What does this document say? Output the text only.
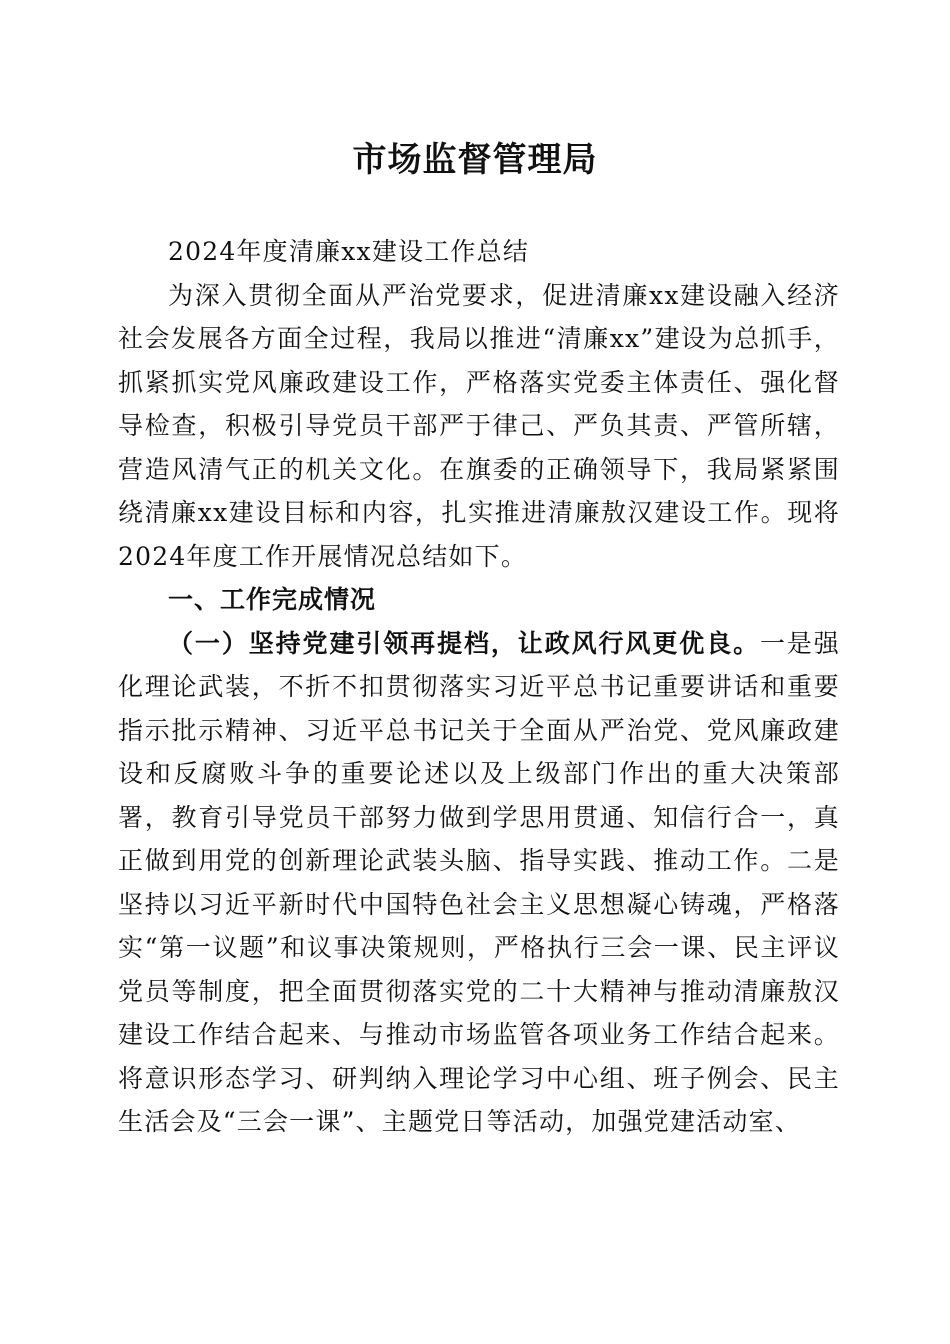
市场监督管理局

2024年度清廉xx建设工作总结

为深入贯彻全面从严治党要求，促进清廉xx建设融入经济社会发展各方面全过程，我局以推进“清廉xx”建设为总抓手，抓紧抓实党风廉政建设工作，严格落实党委主体责任、强化督导检查，积极引导党员干部严于律己、严负其责、严管所辖，营造风清气正的机关文化。在旗委的正确领导下，我局紧紧围绕清廉xx建设目标和内容，扎实推进清廉敖汉建设工作。现将2024年度工作开展情况总结如下。

一、工作完成情况

（一）坚持党建引领再提档，让政风行风更优良。一是强化理论武装，不折不扣贯彻落实习近平总书记重要讲话和重要指示批示精神、习近平总书记关于全面从严治党、党风廉政建设和反腐败斗争的重要论述以及上级部门作出的重大决策部署，教育引导党员干部努力做到学思用贯通、知信行合一，真正做到用党的创新理论武装头脑、指导实践、推动工作。二是坚持以习近平新时代中国特色社会主义思想凝心铸魂，严格落实“第一议题”和议事决策规则，严格执行三会一课、民主评议党员等制度，把全面贯彻落实党的二十大精神与推动清廉敖汉建设工作结合起来、与推动市场监管各项业务工作结合起来。将意识形态学习、研判纳入理论学习中心组、班子例会、民主生活会及“三会一课”、主题党日等活动，加强党建活动室、
